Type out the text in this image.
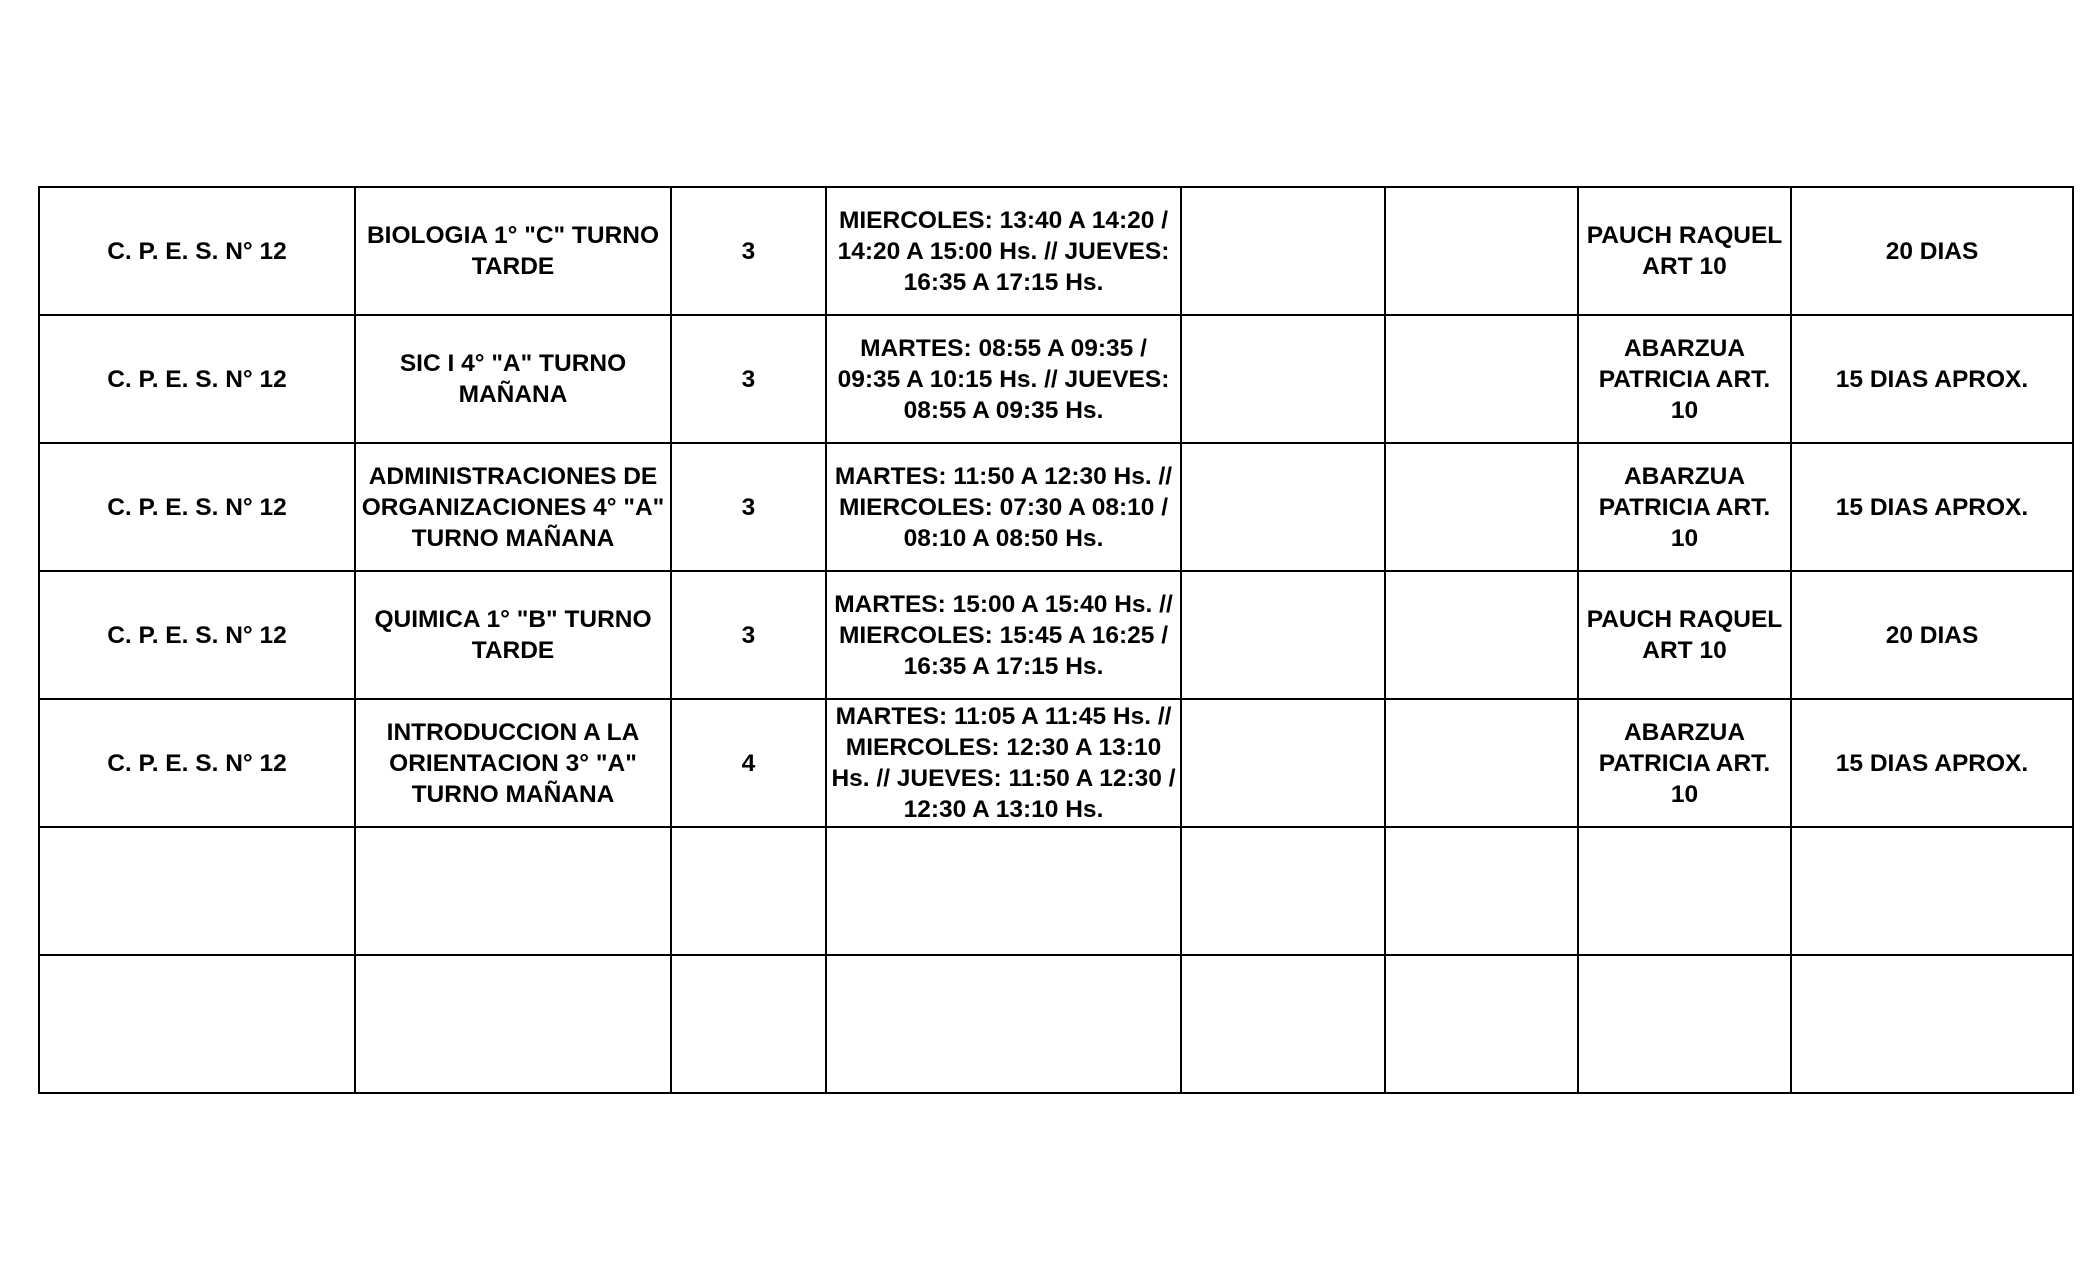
C. P. E. S. N° 12	BIOLOGIA 1° "C" TURNO TARDE	3	MIERCOLES: 13:40 A 14:20 / 14:20 A 15:00 Hs. // JUEVES: 16:35 A 17:15 Hs.			PAUCH RAQUEL ART 10	20 DIAS
C. P. E. S. N° 12	SIC I 4° "A" TURNO MAÑANA	3	MARTES: 08:55 A 09:35 / 09:35 A 10:15 Hs. // JUEVES: 08:55 A 09:35 Hs.			ABARZUA PATRICIA ART. 10	15 DIAS APROX.
C. P. E. S. N° 12	ADMINISTRACIONES DE ORGANIZACIONES 4° "A" TURNO MAÑANA	3	MARTES: 11:50 A 12:30 Hs. // MIERCOLES: 07:30 A 08:10 / 08:10 A 08:50 Hs.			ABARZUA PATRICIA ART. 10	15 DIAS APROX.
C. P. E. S. N° 12	QUIMICA 1° "B" TURNO TARDE	3	MARTES: 15:00 A 15:40 Hs. // MIERCOLES: 15:45 A 16:25 / 16:35 A 17:15 Hs.			PAUCH RAQUEL ART 10	20 DIAS
C. P. E. S. N° 12	INTRODUCCION A LA ORIENTACION 3° "A" TURNO MAÑANA	4	MARTES: 11:05 A 11:45 Hs. // MIERCOLES: 12:30 A 13:10 Hs. // JUEVES: 11:50 A 12:30 / 12:30 A 13:10 Hs.			ABARZUA PATRICIA ART. 10	15 DIAS APROX.
